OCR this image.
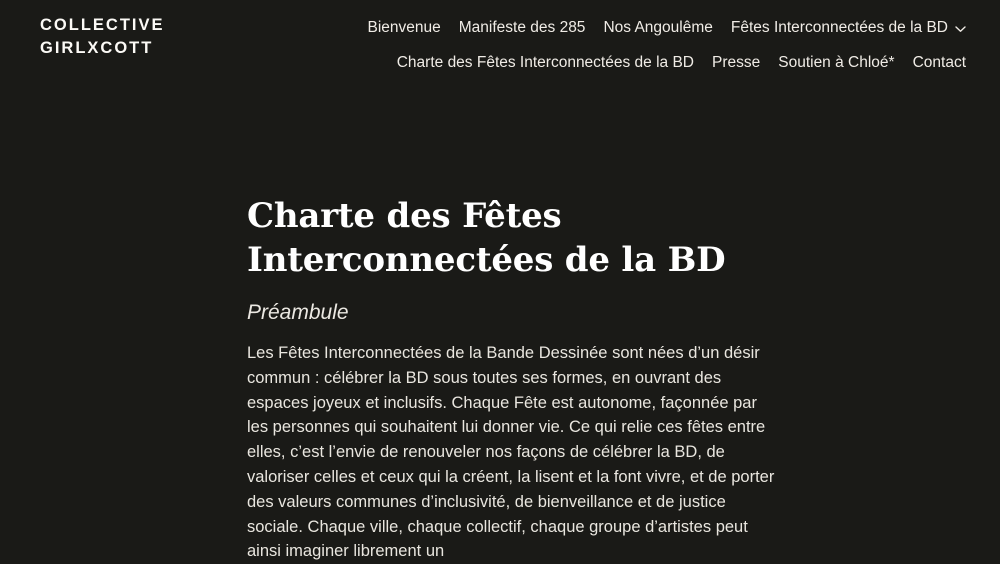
COLLECTIVE
GIRLXCOTT
Bienvenue Manifeste des 285 Nos Angoulême Fêtes Interconnectées de la BD
Charte des Fêtes Interconnectées de la BD Presse Soutien à Chloé* Contact
Charte des Fêtes Interconnectées de la BD
Préambule

Les Fêtes Interconnectées de la Bande Dessinée sont nées d’un désir commun : célébrer la BD sous toutes ses formes, en ouvrant des espaces joyeux et inclusifs. Chaque Fête est autonome, façonnée par les personnes qui souhaitent lui donner vie. Ce qui relie ces fêtes entre elles, c’est l’envie de renouveler nos façons de célébrer la BD, de valoriser celles et ceux qui la créent, la lisent et la font vivre, et de porter des valeurs communes d’inclusivité, de bienveillance et de justice sociale. Chaque ville, chaque collectif, chaque groupe d’artistes peut ainsi imaginer librement un
